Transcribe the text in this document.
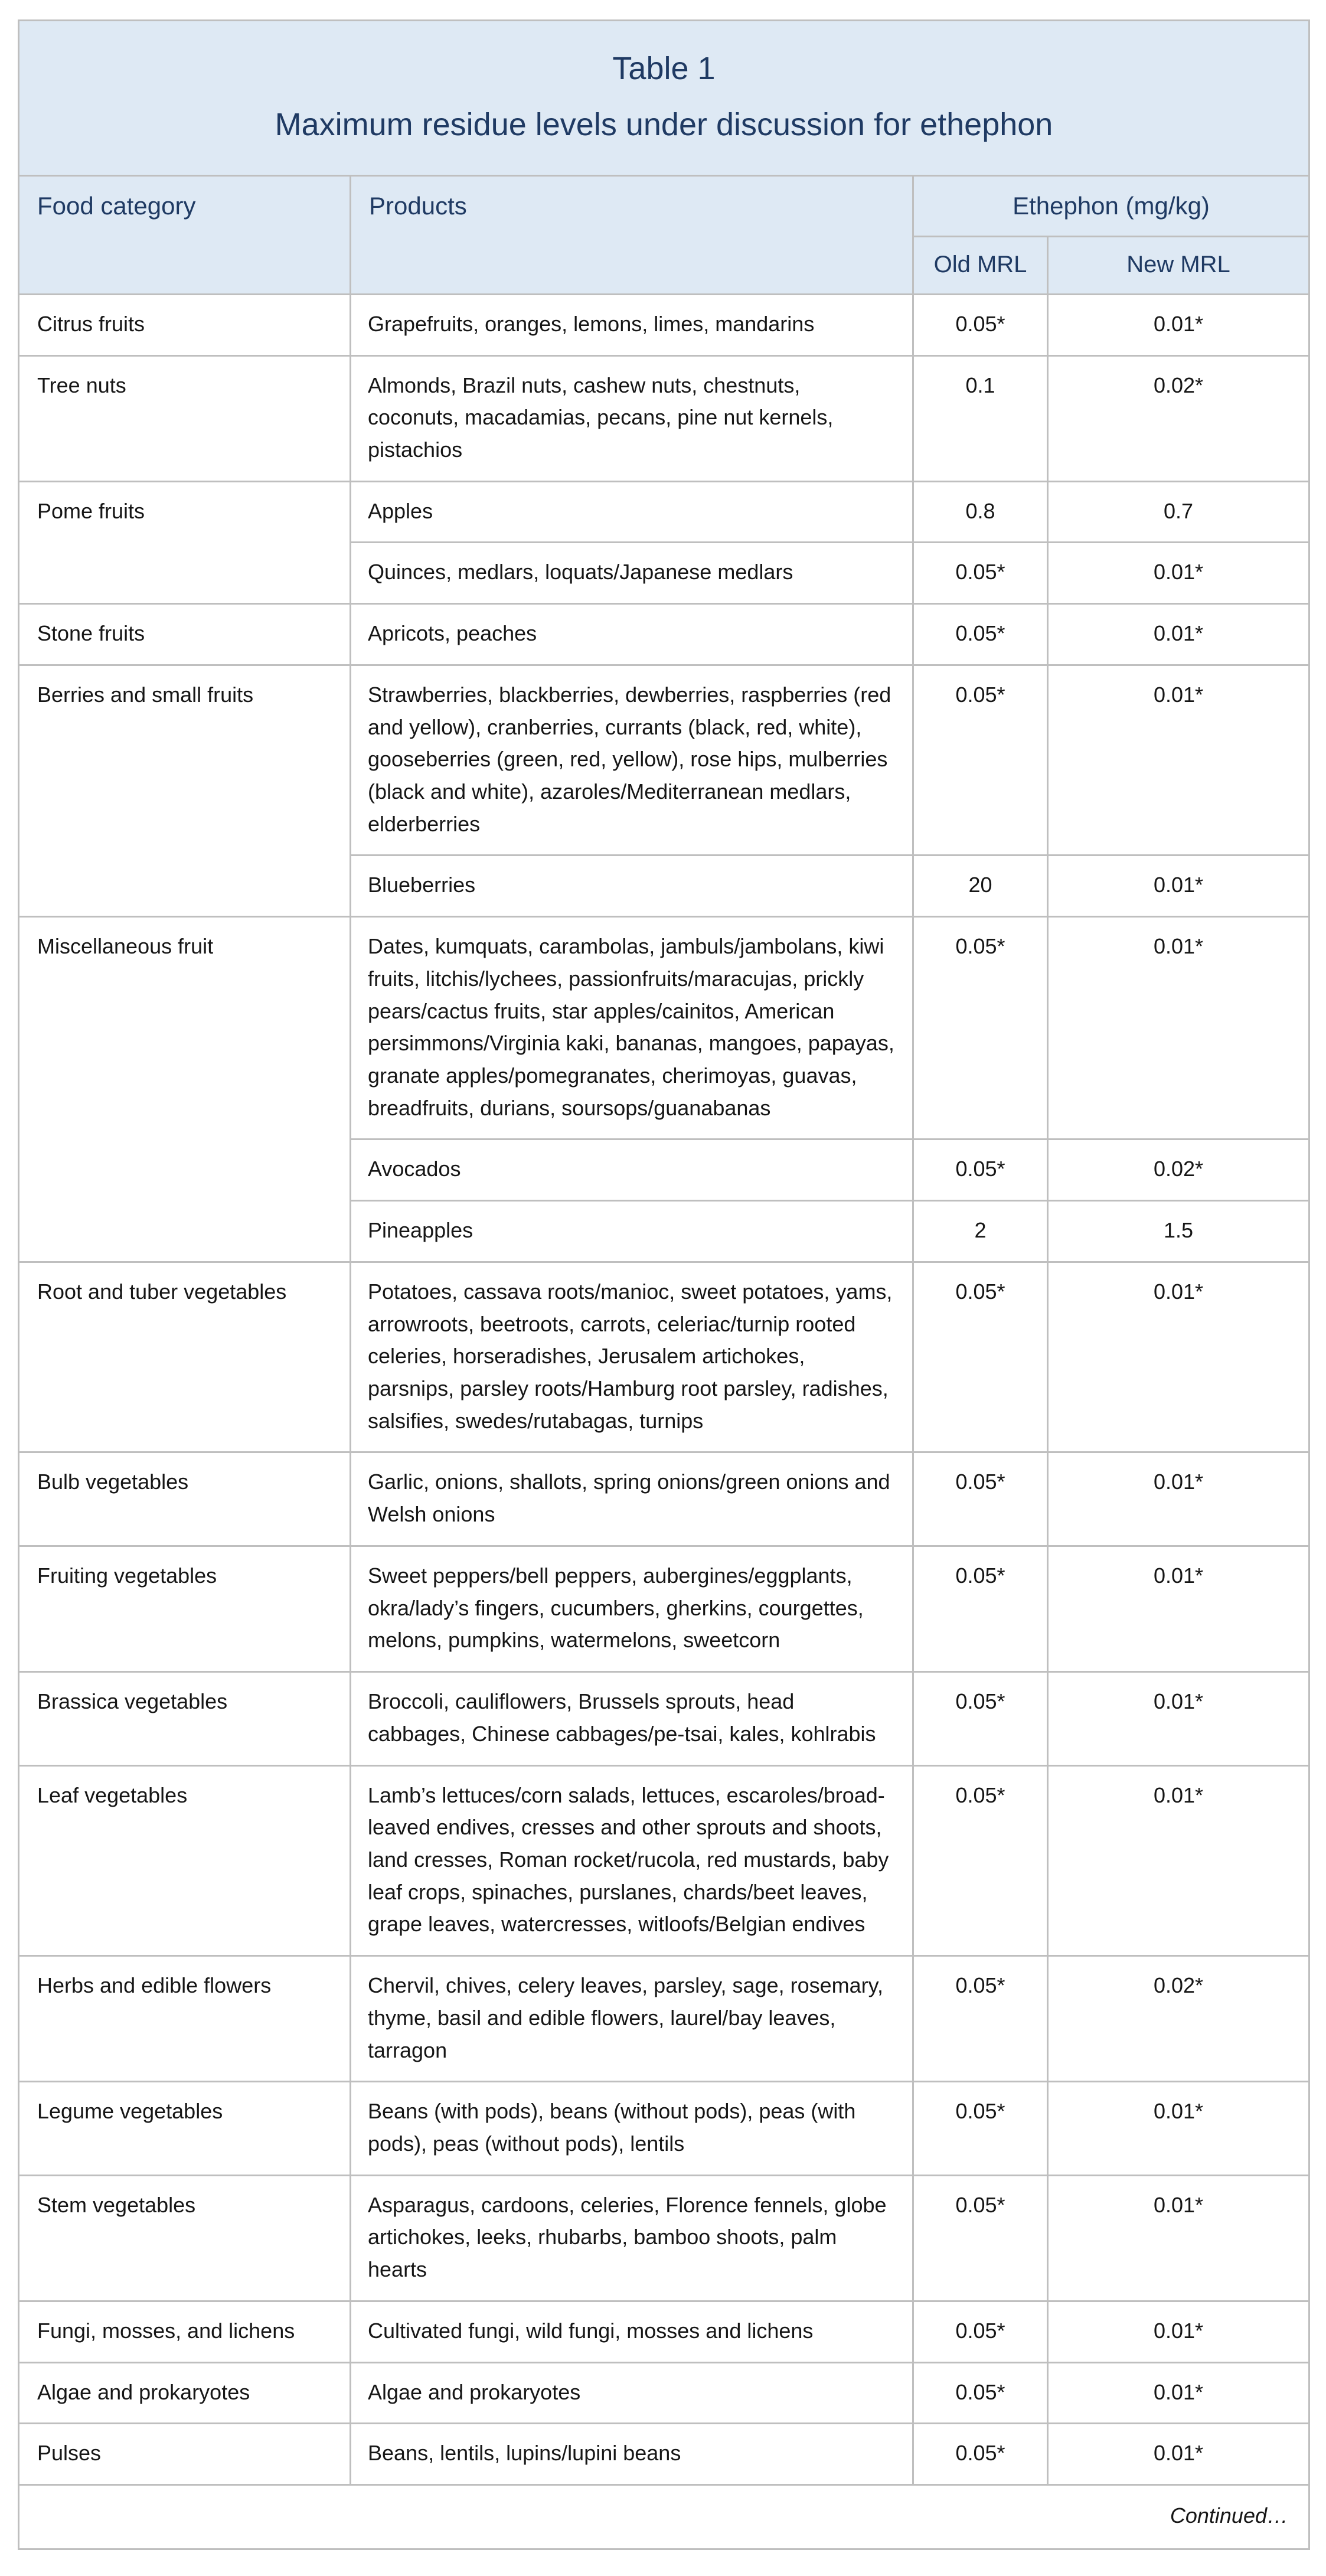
Table 1
Maximum residue levels under discussion for ethephon			

Food category	Products	Ethephon (mg/kg)	
		Old MRL	New MRL
Citrus fruits	Grapefruits, oranges, lemons, limes, mandarins	0.05*	0.01*
Tree nuts	Almonds, Brazil nuts, cashew nuts, chestnuts, coconuts, macadamias, pecans, pine nut kernels, pistachios	0.1	0.02*
Pome fruits	Apples	0.8	0.7
	Quinces, medlars, loquats/Japanese medlars	0.05*	0.01*
Stone fruits	Apricots, peaches	0.05*	0.01*
Berries and small fruits	Strawberries, blackberries, dewberries, raspberries (red and yellow), cranberries, currants (black, red, white), gooseberries (green, red, yellow), rose hips, mulberries (black and white), azaroles/Mediterranean medlars, elderberries	0.05*	0.01*
	Blueberries	20	0.01*
Miscellaneous fruit	Dates, kumquats, carambolas, jambuls/jambolans, kiwi fruits, litchis/lychees, passionfruits/maracujas, prickly pears/cactus fruits, star apples/cainitos, American persimmons/Virginia kaki, bananas, mangoes, papayas, granate apples/pomegranates, cherimoyas, guavas, breadfruits, durians, soursops/guanabanas	0.05*	0.01*
	Avocados	0.05*	0.02*
	Pineapples	2	1.5
Root and tuber vegetables	Potatoes, cassava roots/manioc, sweet potatoes, yams, arrowroots, beetroots, carrots, celeriac/turnip rooted celeries, horseradishes, Jerusalem artichokes, parsnips, parsley roots/Hamburg root parsley, radishes, salsifies, swedes/rutabagas, turnips	0.05*	0.01*
Bulb vegetables	Garlic, onions, shallots, spring onions/green onions and Welsh onions	0.05*	0.01*
Fruiting vegetables	Sweet peppers/bell peppers, aubergines/eggplants, okra/lady’s fingers, cucumbers, gherkins, courgettes, melons, pumpkins, watermelons, sweetcorn	0.05*	0.01*
Brassica vegetables	Broccoli, cauliflowers, Brussels sprouts, head cabbages, Chinese cabbages/pe-tsai, kales, kohlrabis	0.05*	0.01*
Leaf vegetables	Lamb’s lettuces/corn salads, lettuces, escaroles/broad-leaved endives, cresses and other sprouts and shoots, land cresses, Roman rocket/rucola, red mustards, baby leaf crops, spinaches, purslanes, chards/beet leaves, grape leaves, watercresses, witloofs/Belgian endives	0.05*	0.01*
Herbs and edible flowers	Chervil, chives, celery leaves, parsley, sage, rosemary, thyme, basil and edible flowers, laurel/bay leaves, tarragon	0.05*	0.02*
Legume vegetables	Beans (with pods), beans (without pods), peas (with pods), peas (without pods), lentils	0.05*	0.01*
Stem vegetables	Asparagus, cardoons, celeries, Florence fennels, globe artichokes, leeks, rhubarbs, bamboo shoots, palm hearts	0.05*	0.01*
Fungi, mosses, and lichens	Cultivated fungi, wild fungi, mosses and lichens	0.05*	0.01*
Algae and prokaryotes	Algae and prokaryotes	0.05*	0.01*
Pulses	Beans, lentils, lupins/lupini beans	0.05*	0.01*
Continued…			
